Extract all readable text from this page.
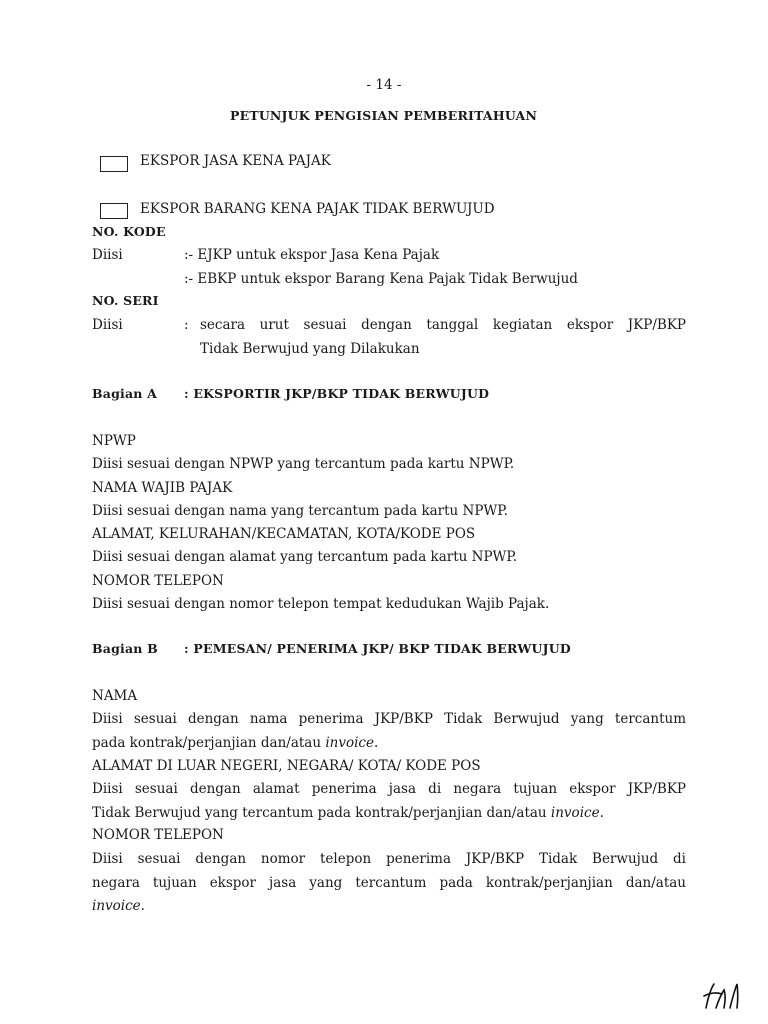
- 14 -
PETUNJUK PENGISIAN PEMBERITAHUAN
EKSPOR JASA KENA PAJAK
EKSPOR BARANG KENA PAJAK TIDAK BERWUJUD
NO. KODE
Diisi	:- EJKP untuk ekspor Jasa Kena Pajak
:- EBKP untuk ekspor Barang Kena Pajak Tidak Berwujud
NO. SERI
Diisi	: secara urut sesuai dengan tanggal kegiatan ekspor JKP/BKP
Tidak Berwujud yang Dilakukan
Bagian A : EKSPORTIR JKP/BKP TIDAK BERWUJUD
NPWP
Diisi sesuai dengan NPWP yang tercantum pada kartu NPWP.
NAMA WAJIB PAJAK
Diisi sesuai dengan nama yang tercantum pada kartu NPWP.
ALAMAT, KELURAHAN/KECAMATAN, KOTA/KODE POS
Diisi sesuai dengan alamat yang tercantum pada kartu NPWP.
NOMOR TELEPON
Diisi sesuai dengan nomor telepon tempat kedudukan Wajib Pajak.
Bagian B : PEMESAN/ PENERIMA JKP/ BKP TIDAK BERWUJUD
NAMA
Diisi sesuai dengan nama penerima JKP/BKP Tidak Berwujud yang tercantum
pada kontrak/perjanjian dan/atau invoice.
ALAMAT DI LUAR NEGERI, NEGARA/ KOTA/ KODE POS
Diisi sesuai dengan alamat penerima jasa di negara tujuan ekspor JKP/BKP
Tidak Berwujud yang tercantum pada kontrak/perjanjian dan/atau invoice.
NOMOR TELEPON
Diisi sesuai dengan nomor telepon penerima JKP/BKP Tidak Berwujud di
negara tujuan ekspor jasa yang tercantum pada kontrak/perjanjian dan/atau
invoice.
